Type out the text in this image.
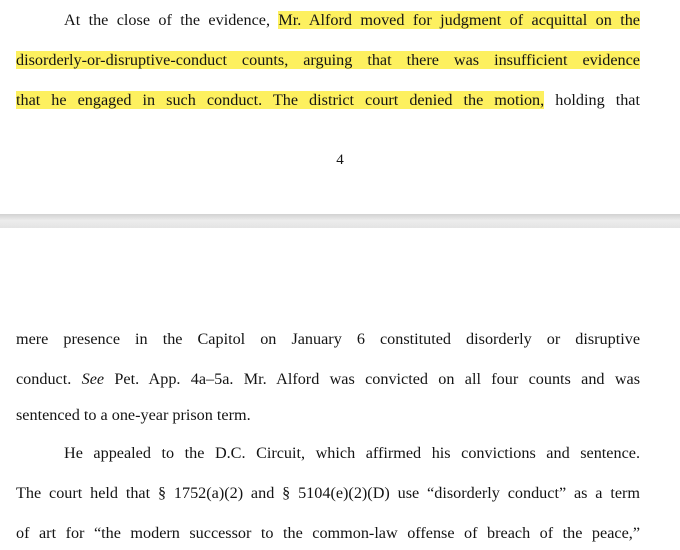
At the close of the evidence, Mr. Alford moved for judgment of acquittal on the
disorderly-or-disruptive-conduct counts, arguing that there was insufficient evidence
that he engaged in such conduct. The district court denied the motion, holding that
4
mere presence in the Capitol on January 6 constituted disorderly or disruptive
conduct. See Pet. App. 4a–5a. Mr. Alford was convicted on all four counts and was
sentenced to a one-year prison term.
He appealed to the D.C. Circuit, which affirmed his convictions and sentence.
The court held that § 1752(a)(2) and § 5104(e)(2)(D) use “disorderly conduct” as a term
of art for “the modern successor to the common-law offense of breach of the peace,”
